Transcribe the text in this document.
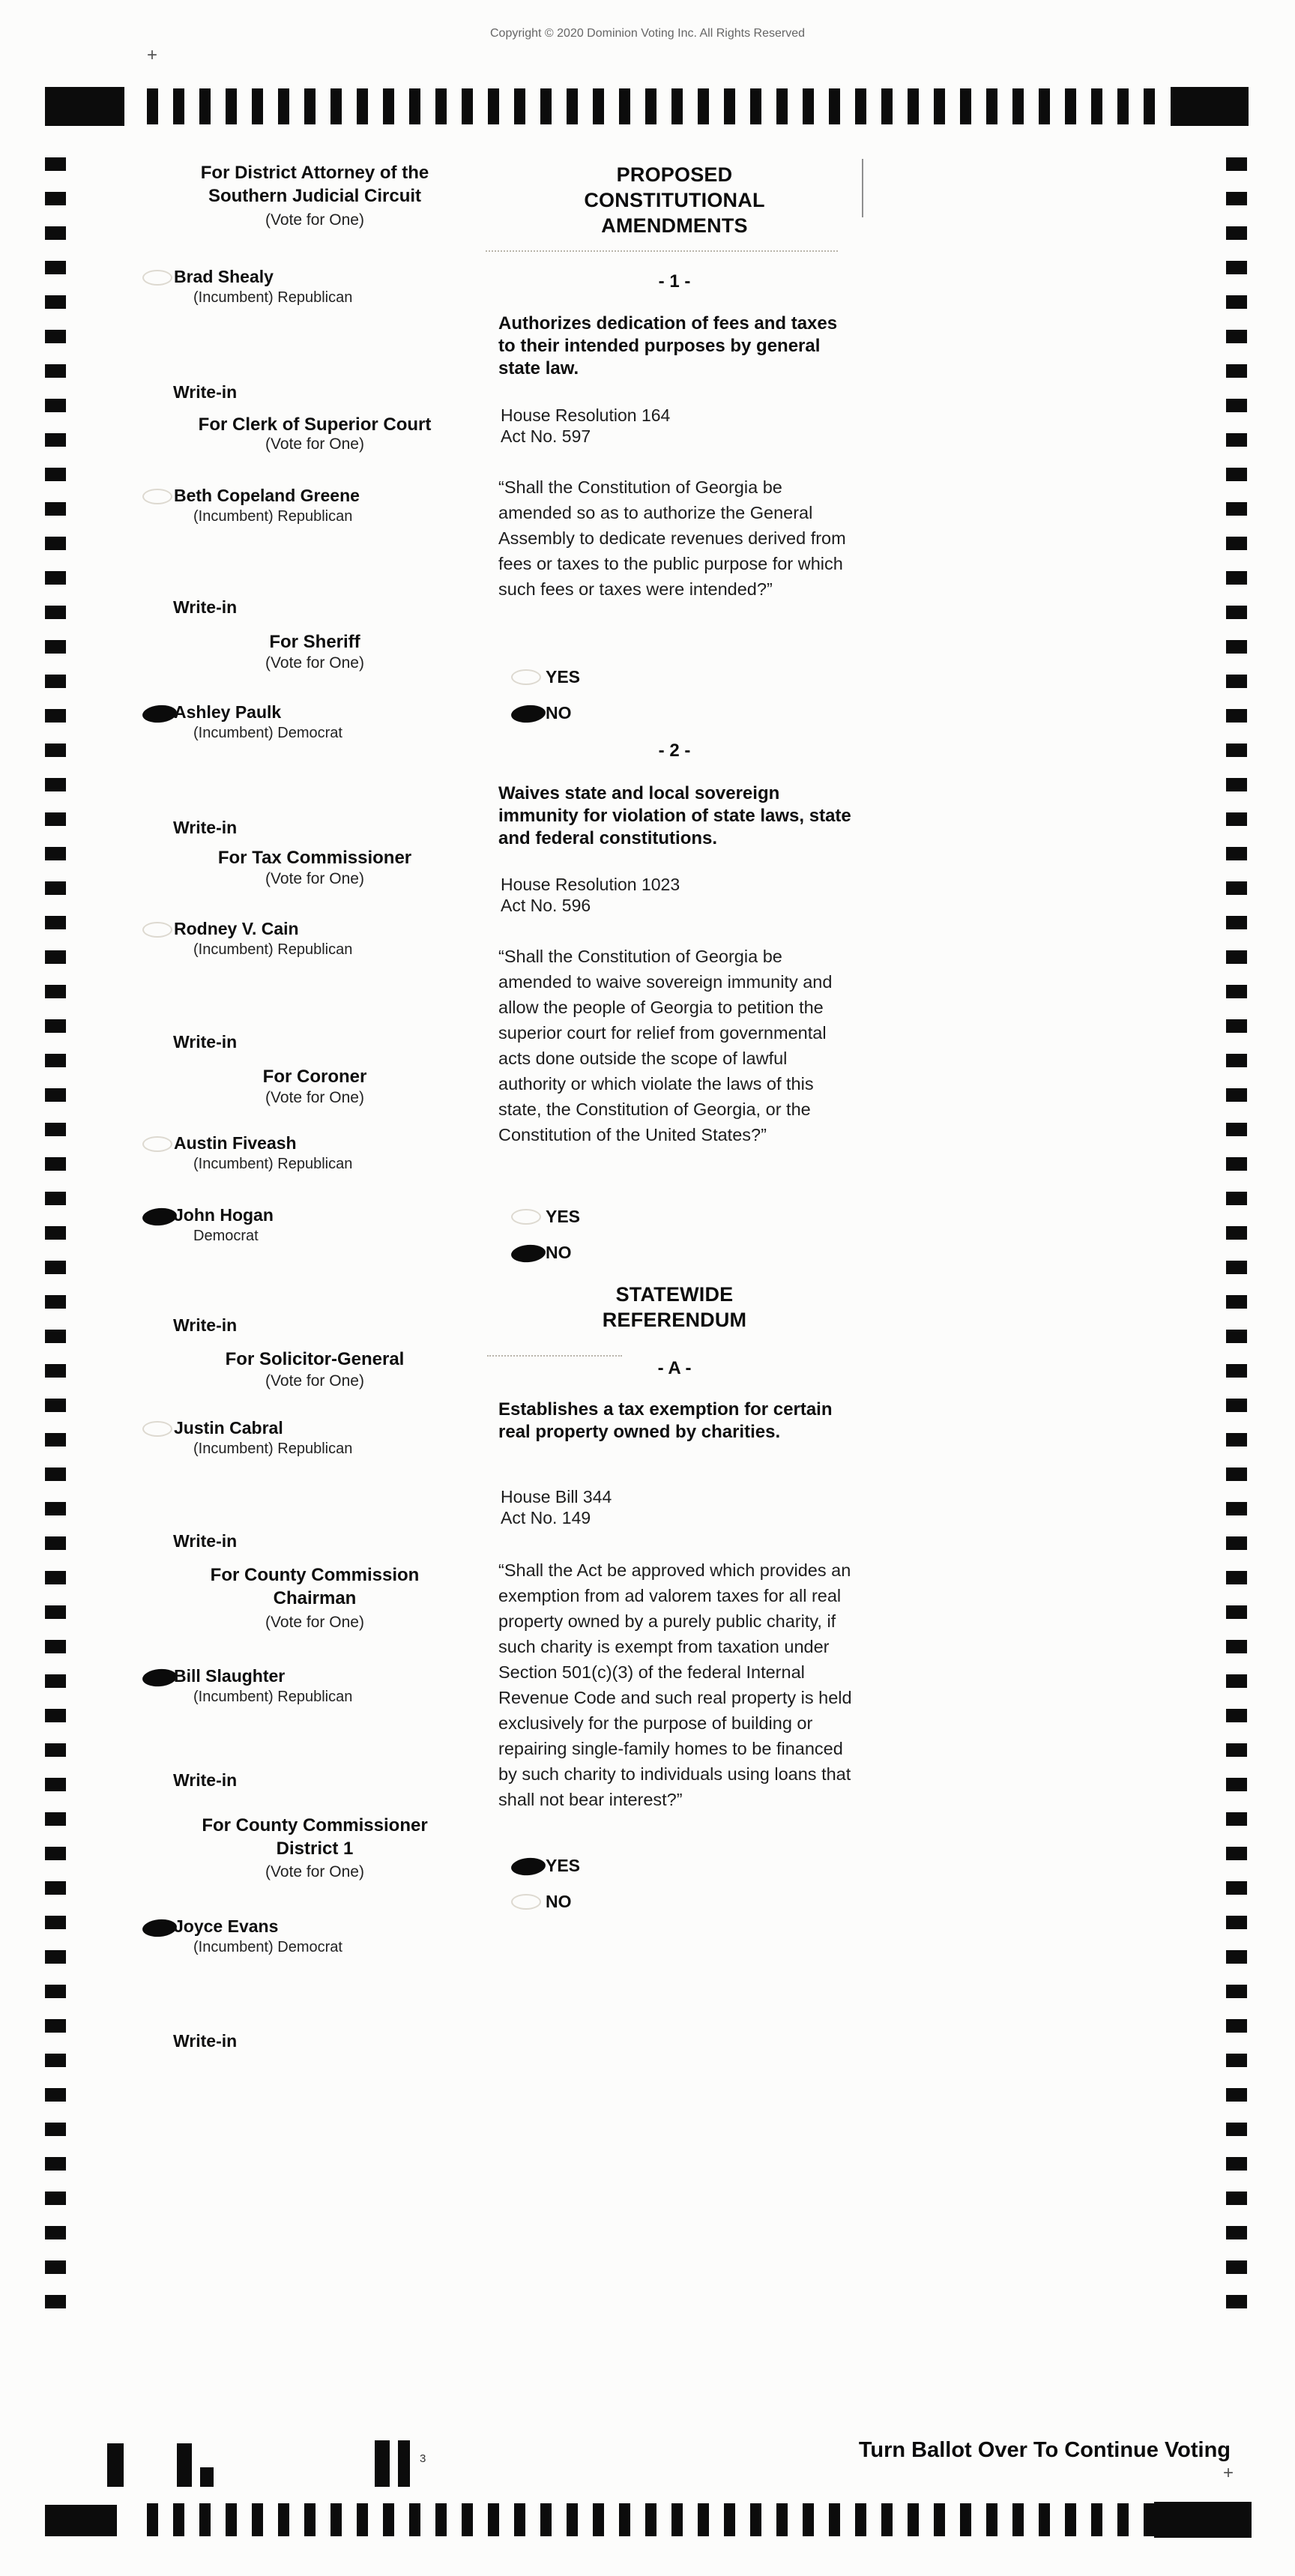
Copyright © 2020 Dominion Voting Inc. All Rights Reserved
+
For District Attorney of the Southern Judicial Circuit
(Vote for One)
Brad Shealy
(Incumbent) Republican
Write-in
For Clerk of Superior Court
(Vote for One)
Beth Copeland Greene
(Incumbent) Republican
Write-in
For Sheriff
(Vote for One)
Ashley Paulk
(Incumbent) Democrat
Write-in
For Tax Commissioner
(Vote for One)
Rodney V. Cain
(Incumbent) Republican
Write-in
For Coroner
(Vote for One)
Austin Fiveash
(Incumbent) Republican
John Hogan
Democrat
Write-in
For Solicitor-General
(Vote for One)
Justin Cabral
(Incumbent) Republican
Write-in
For County Commission Chairman
(Vote for One)
Bill Slaughter
(Incumbent) Republican
Write-in
For County Commissioner District 1
(Vote for One)
Joyce Evans
(Incumbent) Democrat
Write-in
PROPOSED CONSTITUTIONAL AMENDMENTS
- 1 -
Authorizes dedication of fees and taxes to their intended purposes by general state law.
House Resolution 164
Act No. 597
“Shall the Constitution of Georgia be amended so as to authorize the General Assembly to dedicate revenues derived from fees or taxes to the public purpose for which such fees or taxes were intended?”
YES
NO
- 2 -
Waives state and local sovereign immunity for violation of state laws, state and federal constitutions.
House Resolution 1023
Act No. 596
“Shall the Constitution of Georgia be amended to waive sovereign immunity and allow the people of Georgia to petition the superior court for relief from governmental acts done outside the scope of lawful authority or which violate the laws of this state, the Constitution of Georgia, or the Constitution of the United States?”
YES
NO
STATEWIDE REFERENDUM
- A -
Establishes a tax exemption for certain real property owned by charities.
House Bill 344
Act No. 149
“Shall the Act be approved which provides an exemption from ad valorem taxes for all real property owned by a purely public charity, if such charity is exempt from taxation under Section 501(c)(3) of the federal Internal Revenue Code and such real property is held exclusively for the purpose of building or repairing single-family homes to be financed by such charity to individuals using loans that shall not bear interest?”
YES
NO
3	Turn Ballot Over To Continue Voting
+
